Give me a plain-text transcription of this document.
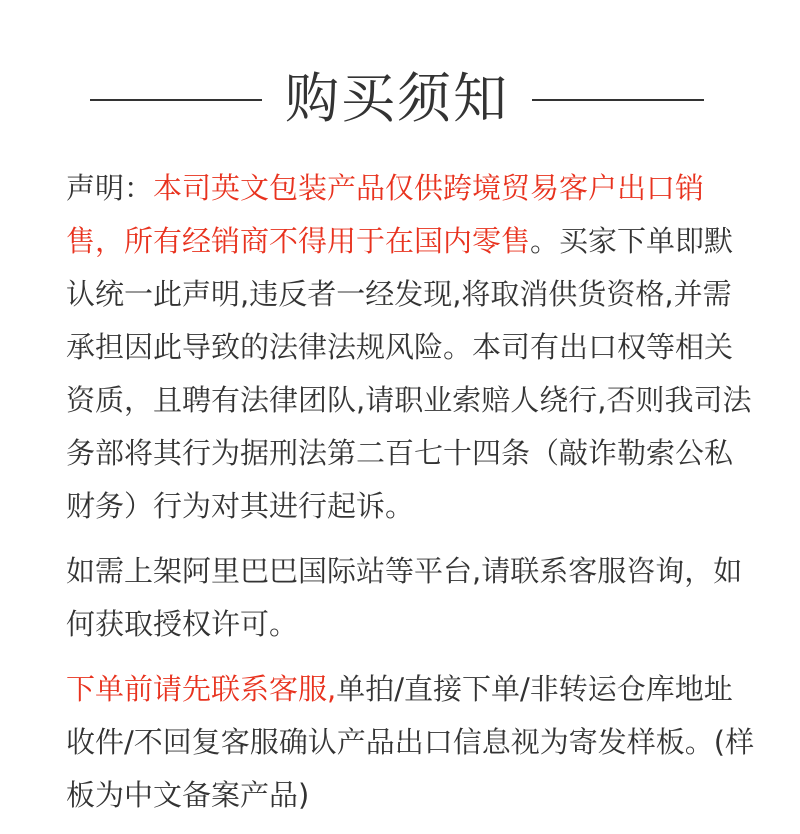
购买须知

声明：本司英文包装产品仅供跨境贸易客户出口销售，所有经销商不得用于在国内零售。买家下单即默认统一此声明,违反者一经发现,将取消供货资格,并需承担因此导致的法律法规风险。本司有出口权等相关资质，且聘有法律团队,请职业索赔人绕行,否则我司法务部将其行为据刑法第二百七十四条（敲诈勒索公私财务）行为对其进行起诉。

如需上架阿里巴巴国际站等平台,请联系客服咨询，如何获取授权许可。

下单前请先联系客服,单拍/直接下单/非转运仓库地址收件/不回复客服确认产品出口信息视为寄发样板。(样板为中文备案产品)
